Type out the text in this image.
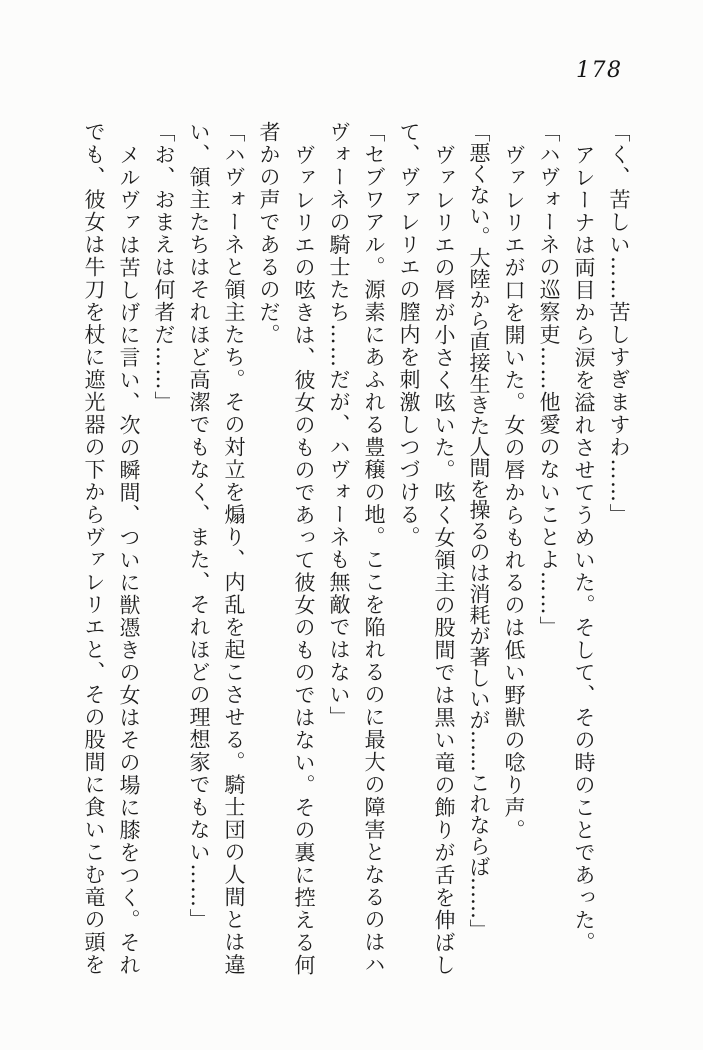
178

「く、苦しい……苦しすぎますわ……」

アレーナは両目から涙を溢れさせてうめいた。そして、その時のことであった。

「ハヴォーネの巡察吏……他愛のないことよ……」

ヴァレリエが口を開いた。女の唇からもれるのは低い野獣の唸り声。

「悪くない。大陸から直接生きた人間を操るのは消耗が著しいが……これならば……」

ヴァレリエの唇が小さく呟いた。呟く女領主の股間では黒い竜の飾りが舌を伸ばし

て、ヴァレリエの膣内を刺激しつづける。

「セブワアル。源素にあふれる豊穣の地。ここを陥れるのに最大の障害となるのはハ

ヴォーネの騎士たち……だが、ハヴォーネも無敵ではない」

ヴァレリエの呟きは、彼女のものであって彼女のものではない。その裏に控える何

者かの声であるのだ。

「ハヴォーネと領主たち。その対立を煽り、内乱を起こさせる。騎士団の人間とは違

い、領主たちはそれほど高潔でもなく、また、それほどの理想家でもない……」

「お、おまえは何者だ……」

メルヴァは苦しげに言い、次の瞬間、ついに獣憑きの女はその場に膝をつく。それ

でも、彼女は牛刀を杖に遮光器の下からヴァレリエと、その股間に食いこむ竜の頭を
